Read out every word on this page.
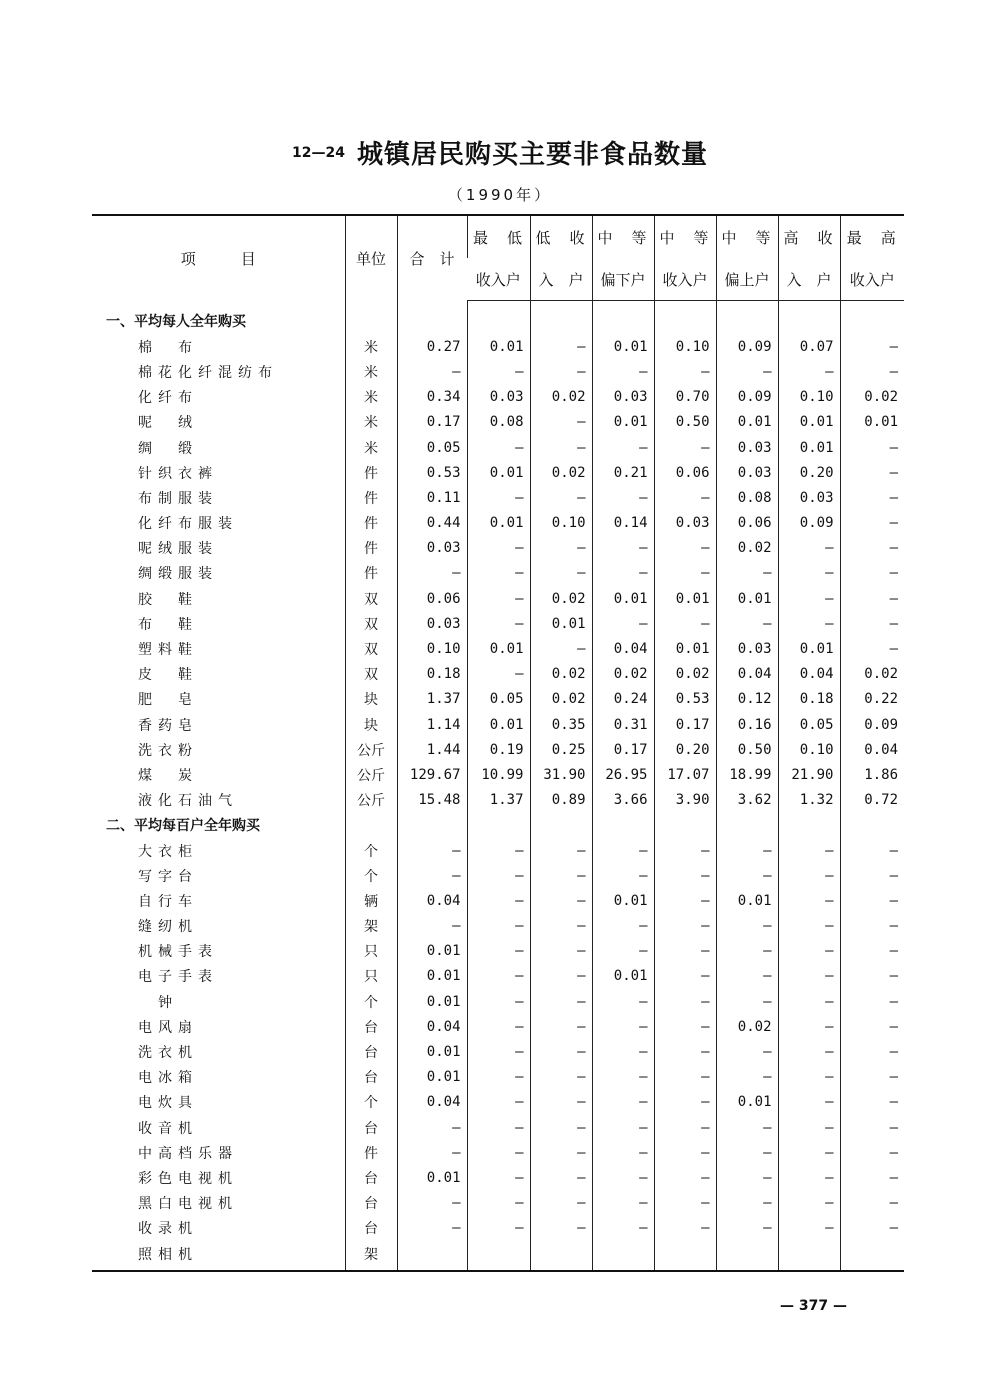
12—24 城镇居民购买主要非食品数量
（1990年）
项　　　目	单位	合　计	最　低	低　收	中　等	中　等	中　等	高　收	最　高
			收入户	入　户	偏下户	收入户	偏上户	入　户	收入户
一、平均每人全年购买									
棉　布	米	0.27	0.01	—	0.01	0.10	0.09	0.07	—
棉花化纤混纺布	米	—	—	—	—	—	—	—	—
化纤布	米	0.34	0.03	0.02	0.03	0.70	0.09	0.10	0.02
呢　绒	米	0.17	0.08	—	0.01	0.50	0.01	0.01	0.01
绸　缎	米	0.05	—	—	—	—	0.03	0.01	—
针织衣裤	件	0.53	0.01	0.02	0.21	0.06	0.03	0.20	—
布制服装	件	0.11	—	—	—	—	0.08	0.03	—
化纤布服装	件	0.44	0.01	0.10	0.14	0.03	0.06	0.09	—
呢绒服装	件	0.03	—	—	—	—	0.02	—	—
绸缎服装	件	—	—	—	—	—	—	—	—
胶　鞋	双	0.06	—	0.02	0.01	0.01	0.01	—	—
布　鞋	双	0.03	—	0.01	—	—	—	—	—
塑料鞋	双	0.10	0.01	—	0.04	0.01	0.03	0.01	—
皮　鞋	双	0.18	—	0.02	0.02	0.02	0.04	0.04	0.02
肥　皂	块	1.37	0.05	0.02	0.24	0.53	0.12	0.18	0.22
香药皂	块	1.14	0.01	0.35	0.31	0.17	0.16	0.05	0.09
洗衣粉	公斤	1.44	0.19	0.25	0.17	0.20	0.50	0.10	0.04
煤　炭	公斤	129.67	10.99	31.90	26.95	17.07	18.99	21.90	1.86
液化石油气	公斤	15.48	1.37	0.89	3.66	3.90	3.62	1.32	0.72
二、平均每百户全年购买									
大衣柜	个	—	—	—	—	—	—	—	—
写字台	个	—	—	—	—	—	—	—	—
自行车	辆	0.04	—	—	0.01	—	0.01	—	—
缝纫机	架	—	—	—	—	—	—	—	—
机械手表	只	0.01	—	—	—	—	—	—	—
电子手表	只	0.01	—	—	0.01	—	—	—	—
　钟	个	0.01	—	—	—	—	—	—	—
电风扇	台	0.04	—	—	—	—	0.02	—	—
洗衣机	台	0.01	—	—	—	—	—	—	—
电冰箱	台	0.01	—	—	—	—	—	—	—
电炊具	个	0.04	—	—	—	—	0.01	—	—
收音机	台	—	—	—	—	—	—	—	—
中高档乐器	件	—	—	—	—	—	—	—	—
彩色电视机	台	0.01	—	—	—	—	—	—	—
黑白电视机	台	—	—	—	—	—	—	—	—
收录机	台	—	—	—	—	—	—	—	—
照相机	架								
— 377 —
